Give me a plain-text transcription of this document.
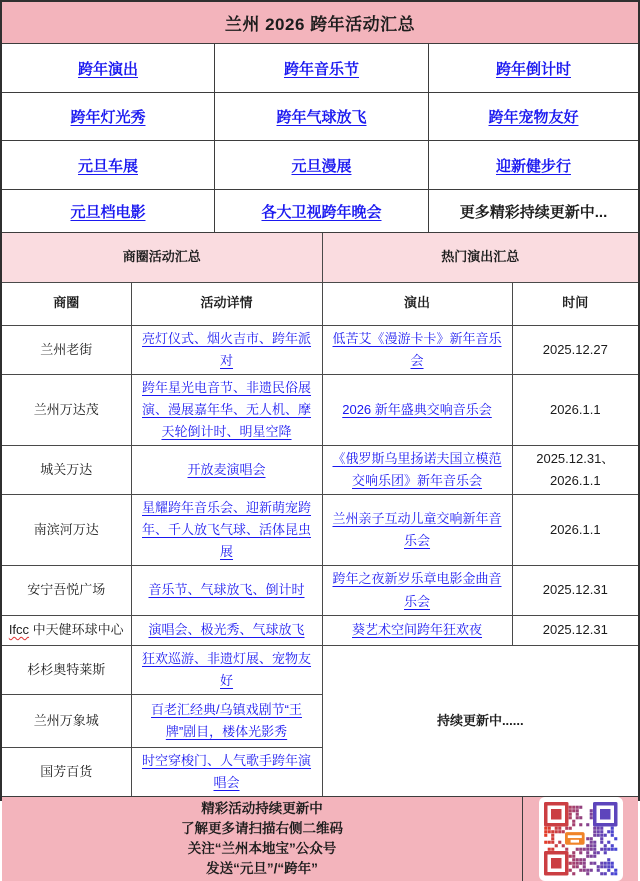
兰州 2026 跨年活动汇总
跨年演出	跨年音乐节	跨年倒计时
跨年灯光秀	跨年气球放飞	跨年宠物友好
元旦车展	元旦漫展	迎新健步行
元旦档电影	各大卫视跨年晚会	更多精彩持续更新中...
商圈活动汇总		热门演出汇总	
商圈	活动详情	演出	时间
兰州老街	亮灯仪式、烟火吉市、跨年派对	低苦艾《漫游卡卡》新年音乐会	2025.12.27
兰州万达茂	跨年星光电音节、非遗民俗展演、漫展嘉年华、无人机、摩天轮倒计时、明星空降	2026 新年盛典交响音乐会	2026.1.1
城关万达	开放麦演唱会	《俄罗斯乌里扬诺夫国立模范交响乐团》新年音乐会	2025.12.31、2026.1.1
南滨河万达	星耀跨年音乐会、迎新萌宠跨年、千人放飞气球、活体昆虫展	兰州亲子互动儿童交响新年音乐会	2026.1.1
安宁吾悦广场	音乐节、气球放飞、倒计时	跨年之夜新岁乐章电影金曲音乐会	2025.12.31
Ifcc 中天健环球中心	演唱会、极光秀、气球放飞	葵艺术空间跨年狂欢夜	2025.12.31
杉杉奥特莱斯	狂欢巡游、非遗灯展、宠物友好	持续更新中......	
兰州万象城	百老汇经典/乌镇戏剧节“王牌”剧目，楼体光影秀		
国芳百货	时空穿梭门、人气歌手跨年演唱会		
精彩活动持续更新中
了解更多请扫描右侧二维码
关注“兰州本地宝”公众号
发送“元旦”/“跨年”
